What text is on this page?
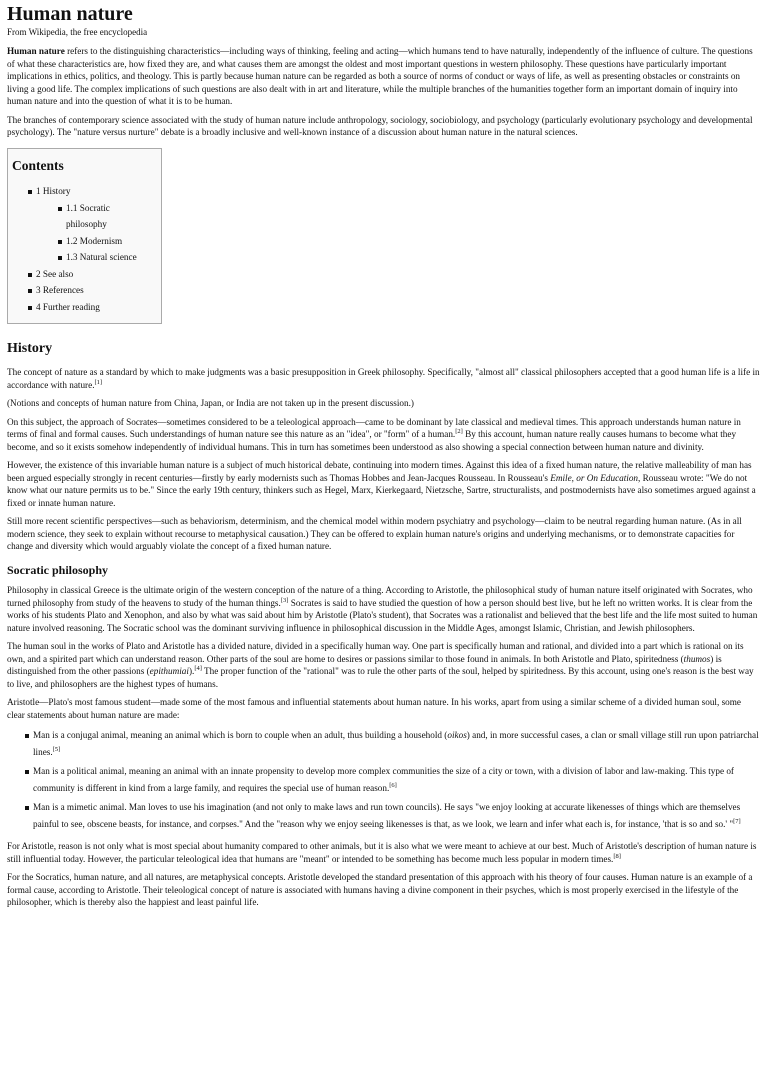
Human nature
From Wikipedia, the free encyclopedia

Human nature refers to the distinguishing characteristics—including ways of thinking, feeling and acting—which humans tend to have naturally, independently of the influence of culture. The questions of what these characteristics are, how fixed they are, and what causes them are amongst the oldest and most important questions in western philosophy. These questions have particularly important implications in ethics, politics, and theology. This is partly because human nature can be regarded as both a source of norms of conduct or ways of life, as well as presenting obstacles or constraints on living a good life. The complex implications of such questions are also dealt with in art and literature, while the multiple branches of the humanities together form an important domain of inquiry into human nature and into the question of what it is to be human.

The branches of contemporary science associated with the study of human nature include anthropology, sociology, sociobiology, and psychology (particularly evolutionary psychology and developmental psychology). The "nature versus nurture" debate is a broadly inclusive and well-known instance of a discussion about human nature in the natural sciences.

Contents
1 History
1.1 Socratic philosophy
1.2 Modernism
1.3 Natural science
2 See also
3 References
4 Further reading
History

The concept of nature as a standard by which to make judgments was a basic presupposition in Greek philosophy. Specifically, "almost all" classical philosophers accepted that a good human life is a life in accordance with nature.[1]

(Notions and concepts of human nature from China, Japan, or India are not taken up in the present discussion.)

On this subject, the approach of Socrates—sometimes considered to be a teleological approach—came to be dominant by late classical and medieval times. This approach understands human nature in terms of final and formal causes. Such understandings of human nature see this nature as an "idea", or "form" of a human.[2] By this account, human nature really causes humans to become what they become, and so it exists somehow independently of individual humans. This in turn has sometimes been understood as also showing a special connection between human nature and divinity.

However, the existence of this invariable human nature is a subject of much historical debate, continuing into modern times. Against this idea of a fixed human nature, the relative malleability of man has been argued especially strongly in recent centuries—firstly by early modernists such as Thomas Hobbes and Jean-Jacques Rousseau. In Rousseau's Emile, or On Education, Rousseau wrote: "We do not know what our nature permits us to be." Since the early 19th century, thinkers such as Hegel, Marx, Kierkegaard, Nietzsche, Sartre, structuralists, and postmodernists have also sometimes argued against a fixed or innate human nature.

Still more recent scientific perspectives—such as behaviorism, determinism, and the chemical model within modern psychiatry and psychology—claim to be neutral regarding human nature. (As in all modern science, they seek to explain without recourse to metaphysical causation.) They can be offered to explain human nature's origins and underlying mechanisms, or to demonstrate capacities for change and diversity which would arguably violate the concept of a fixed human nature.

Socratic philosophy

Philosophy in classical Greece is the ultimate origin of the western conception of the nature of a thing. According to Aristotle, the philosophical study of human nature itself originated with Socrates, who turned philosophy from study of the heavens to study of the human things.[3] Socrates is said to have studied the question of how a person should best live, but he left no written works. It is clear from the works of his students Plato and Xenophon, and also by what was said about him by Aristotle (Plato's student), that Socrates was a rationalist and believed that the best life and the life most suited to human nature involved reasoning. The Socratic school was the dominant surviving influence in philosophical discussion in the Middle Ages, amongst Islamic, Christian, and Jewish philosophers.

The human soul in the works of Plato and Aristotle has a divided nature, divided in a specifically human way. One part is specifically human and rational, and divided into a part which is rational on its own, and a spirited part which can understand reason. Other parts of the soul are home to desires or passions similar to those found in animals. In both Aristotle and Plato, spiritedness (thumos) is distinguished from the other passions (epithumiai).[4] The proper function of the "rational" was to rule the other parts of the soul, helped by spiritedness. By this account, using one's reason is the best way to live, and philosophers are the highest types of humans.

Aristotle—Plato's most famous student—made some of the most famous and influential statements about human nature. In his works, apart from using a similar scheme of a divided human soul, some clear statements about human nature are made:

Man is a conjugal animal, meaning an animal which is born to couple when an adult, thus building a household (oikos) and, in more successful cases, a clan or small village still run upon patriarchal lines.[5]
Man is a political animal, meaning an animal with an innate propensity to develop more complex communities the size of a city or town, with a division of labor and law-making. This type of community is different in kind from a large family, and requires the special use of human reason.[6]
Man is a mimetic animal. Man loves to use his imagination (and not only to make laws and run town councils). He says "we enjoy looking at accurate likenesses of things which are themselves painful to see, obscene beasts, for instance, and corpses." And the "reason why we enjoy seeing likenesses is that, as we look, we learn and infer what each is, for instance, 'that is so and so.' "[7]

For Aristotle, reason is not only what is most special about humanity compared to other animals, but it is also what we were meant to achieve at our best. Much of Aristotle's description of human nature is still influential today. However, the particular teleological idea that humans are "meant" or intended to be something has become much less popular in modern times.[8]

For the Socratics, human nature, and all natures, are metaphysical concepts. Aristotle developed the standard presentation of this approach with his theory of four causes. Human nature is an example of a formal cause, according to Aristotle. Their teleological concept of nature is associated with humans having a divine component in their psyches, which is most properly exercised in the lifestyle of the philosopher, which is thereby also the happiest and least painful life.
